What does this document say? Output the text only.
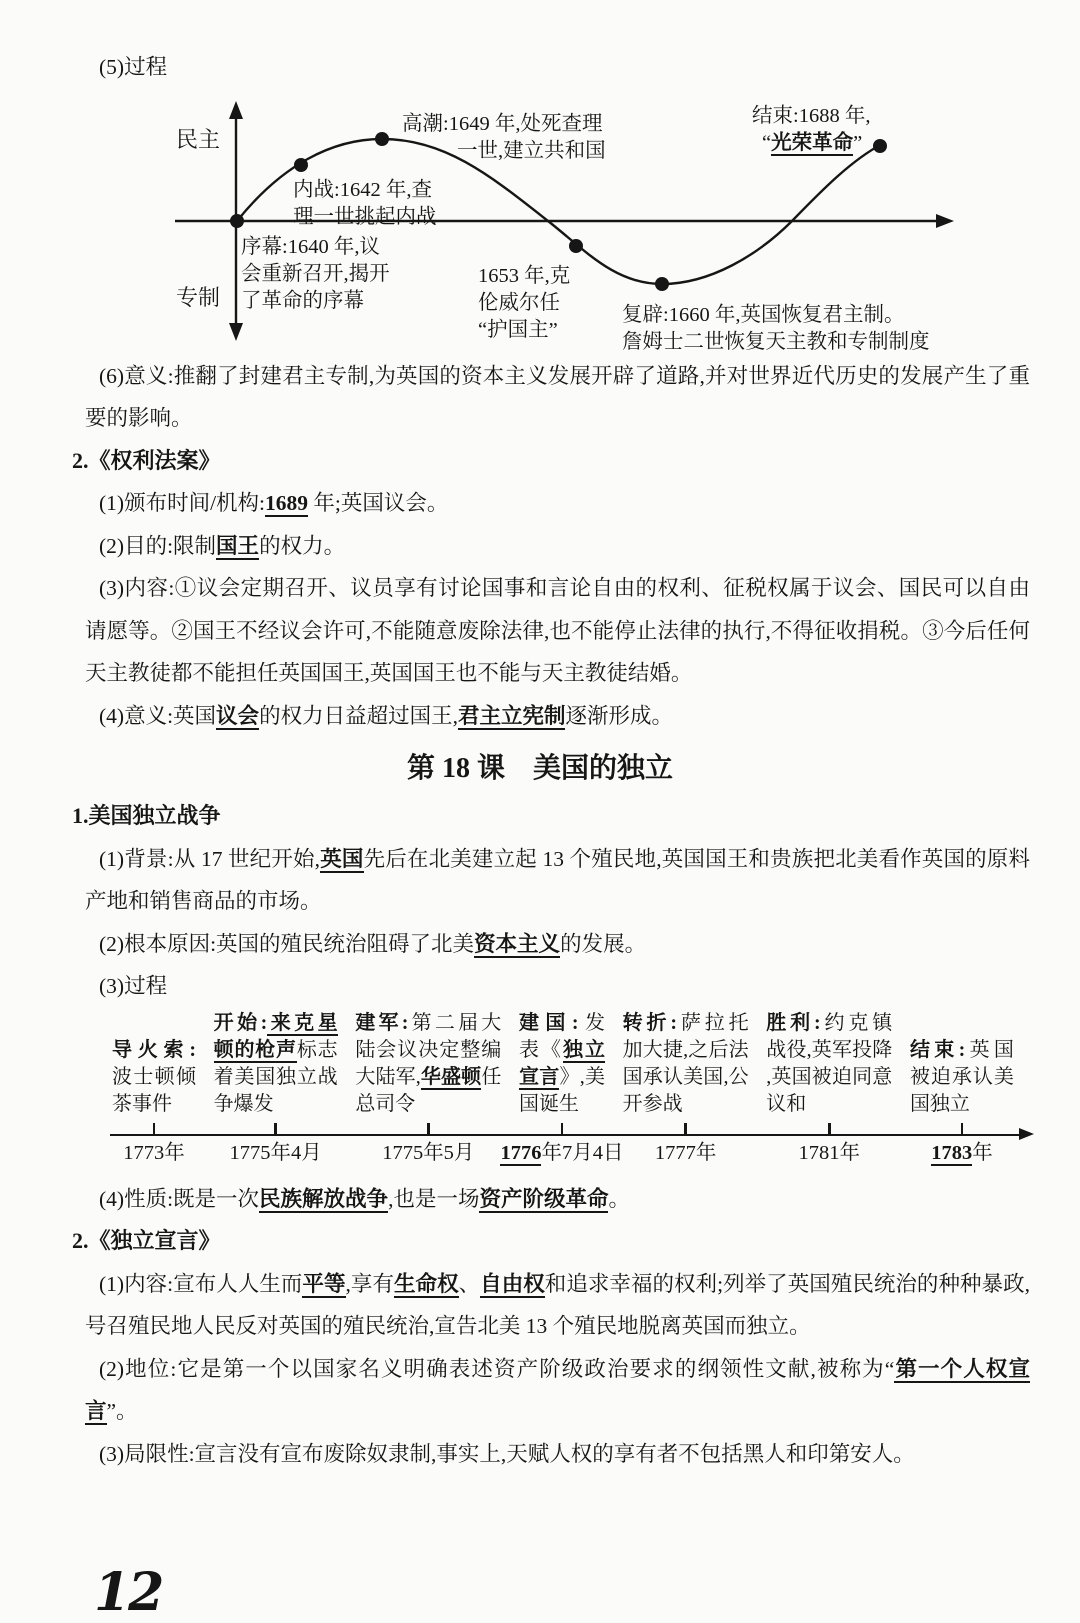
(5)过程

民主
专制
高潮:1649 年,处死查理
一世,建立共和国
内战:1642 年,查
理一世挑起内战
序幕:1640 年,议
会重新召开,揭开
了革命的序幕
1653 年,克
伦威尔任
“护国主”
复辟:1660 年,英国恢复君主制。
詹姆士二世恢复天主教和专制制度
结束:1688 年,
“光荣革命”

(6)意义:推翻了封建君主专制,为英国的资本主义发展开辟了道路,并对世界近代历史的发展产生了重要的影响。

2.《权利法案》

(1)颁布时间/机构:1689 年;英国议会。

(2)目的:限制国王的权力。

(3)内容:①议会定期召开、议员享有讨论国事和言论自由的权利、征税权属于议会、国民可以自由请愿等。②国王不经议会许可,不能随意废除法律,也不能停止法律的执行,不得征收捐税。③今后任何天主教徒都不能担任英国国王,英国国王也不能与天主教徒结婚。

(4)意义:英国议会的权力日益超过国王,君主立宪制逐渐形成。

第 18 课　美国的独立

1.美国独立战争

(1)背景:从 17 世纪开始,英国先后在北美建立起 13 个殖民地,英国国王和贵族把北美看作英国的原料产地和销售商品的市场。

(2)根本原因:英国的殖民统治阻碍了北美资本主义的发展。

(3)过程

导火索:波士顿倾茶事件
1773年
开始:来克星顿的枪声标志着美国独立战争爆发
1775年4月
建军:第二届大陆会议决定整编大陆军,华盛顿任总司令
1775年5月
建国:发表《独立宣言》,美国诞生
1776年7月4日
转折:萨拉托加大捷,之后法国承认美国,公开参战
1777年
胜利:约克镇战役,英军投降,英国被迫同意议和
1781年
结束:英国被迫承认美国独立
1783年

(4)性质:既是一次民族解放战争,也是一场资产阶级革命。

2.《独立宣言》

(1)内容:宣布人人生而平等,享有生命权、自由权和追求幸福的权利;列举了英国殖民统治的种种暴政,号召殖民地人民反对英国的殖民统治,宣告北美 13 个殖民地脱离英国而独立。

(2)地位:它是第一个以国家名义明确表述资产阶级政治要求的纲领性文献,被称为“第一个人权宣言”。

(3)局限性:宣言没有宣布废除奴隶制,事实上,天赋人权的享有者不包括黑人和印第安人。

12
